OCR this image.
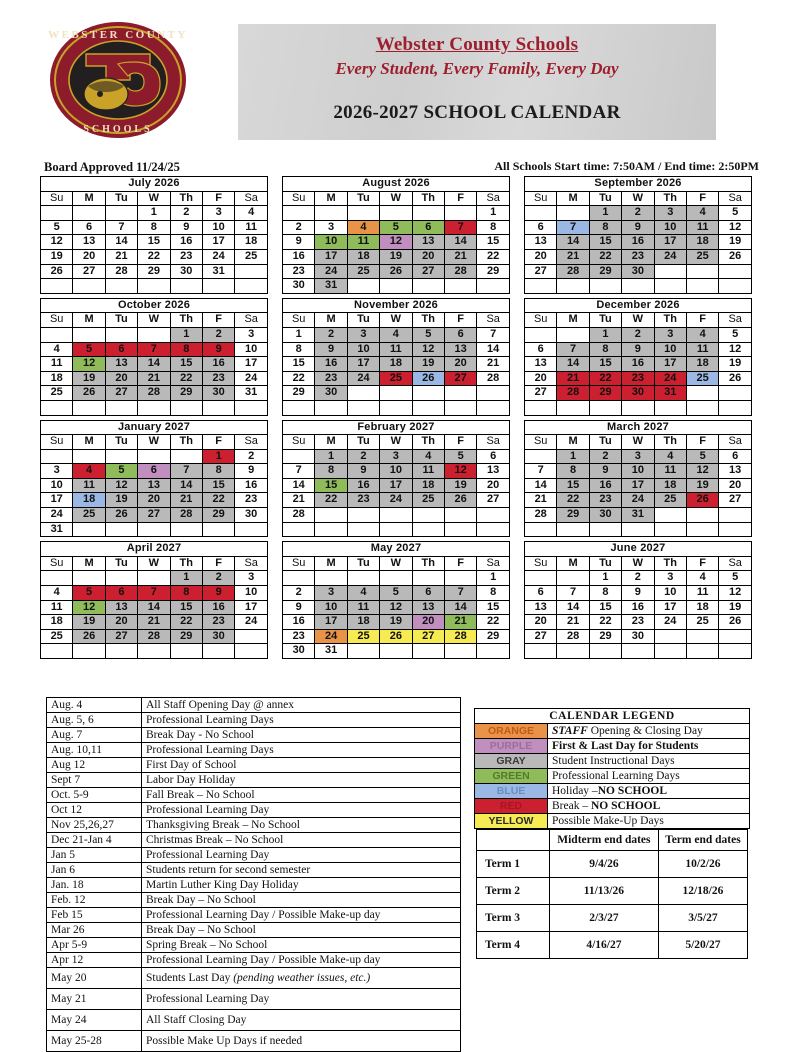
WEBSTER COUNTY
SCHOOLS
Webster County Schools
Every Student, Every Family, Every Day
2026-2027 SCHOOL CALENDAR
Board Approved 11/24/25	All Schools Start time: 7:50AM / End time: 2:50PM
July 2026						
Su	M	Tu	W	Th	F	Sa
			1	2	3	4
5	6	7	8	9	10	11
12	13	14	15	16	17	18
19	20	21	22	23	24	25
26	27	28	29	30	31	

August 2026						
Su	M	Tu	W	Th	F	Sa
						1
2	3	4	5	6	7	8
9	10	11	12	13	14	15
16	17	18	19	20	21	22
23	24	25	26	27	28	29
30	31					
September 2026						
Su	M	Tu	W	Th	F	Sa
		1	2	3	4	5
6	7	8	9	10	11	12
13	14	15	16	17	18	19
20	21	22	23	24	25	26
27	28	29	30			

October 2026						
Su	M	Tu	W	Th	F	Sa
				1	2	3
4	5	6	7	8	9	10
11	12	13	14	15	16	17
18	19	20	21	22	23	24
25	26	27	28	29	30	31

November 2026						
Su	M	Tu	W	Th	F	Sa
1	2	3	4	5	6	7
8	9	10	11	12	13	14
15	16	17	18	19	20	21
22	23	24	25	26	27	28
29	30					

December 2026						
Su	M	Tu	W	Th	F	Sa
		1	2	3	4	5
6	7	8	9	10	11	12
13	14	15	16	17	18	19
20	21	22	23	24	25	26
27	28	29	30	31		

January 2027						
Su	M	Tu	W	Th	F	Sa
					1	2
3	4	5	6	7	8	9
10	11	12	13	14	15	16
17	18	19	20	21	22	23
24	25	26	27	28	29	30
31						
February 2027						
Su	M	Tu	W	Th	F	Sa
	1	2	3	4	5	6
7	8	9	10	11	12	13
14	15	16	17	18	19	20
21	22	23	24	25	26	27
28						

March 2027						
Su	M	Tu	W	Th	F	Sa
	1	2	3	4	5	6
7	8	9	10	11	12	13
14	15	16	17	18	19	20
21	22	23	24	25	26	27
28	29	30	31			

April 2027						
Su	M	Tu	W	Th	F	Sa
				1	2	3
4	5	6	7	8	9	10
11	12	13	14	15	16	17
18	19	20	21	22	23	24
25	26	27	28	29	30	

May 2027						
Su	M	Tu	W	Th	F	Sa
						1
2	3	4	5	6	7	8
9	10	11	12	13	14	15
16	17	18	19	20	21	22
23	24	25	26	27	28	29
30	31					
June 2027						
Su	M	Tu	W	Th	F	Sa
		1	2	3	4	5
6	7	8	9	10	11	12
13	14	15	16	17	18	19
20	21	22	23	24	25	26
27	28	29	30			

Aug. 4	All Staff Opening Day @ annex
Aug. 5, 6	Professional Learning Days
Aug. 7	Break Day - No School
Aug. 10,11	Professional Learning Days
Aug 12	First Day of School
Sept 7	Labor Day Holiday
Oct. 5-9	Fall Break – No School
Oct 12	Professional Learning Day
Nov 25,26,27	Thanksgiving Break – No School
Dec 21-Jan 4	Christmas Break – No School
Jan 5	Professional Learning Day
Jan 6	Students return for second semester
Jan. 18	Martin Luther King Day Holiday
Feb. 12	Break Day – No School
Feb 15	Professional Learning Day / Possible Make-up day
Mar 26	Break Day – No School
Apr 5-9	Spring Break – No School
Apr 12	Professional Learning Day / Possible Make-up day
May 20	Students Last Day (pending weather issues, etc.)
May 21	Professional Learning Day
May 24	All Staff Closing Day
May 25-28	Possible Make Up Days if needed
CALENDAR LEGEND	
ORANGE	STAFF Opening & Closing Day
PURPLE	First & Last Day for Students
GRAY	Student Instructional Days
GREEN	Professional Learning Days
BLUE	Holiday –NO SCHOOL
RED	Break – NO SCHOOL
YELLOW	Possible Make-Up Days
	Midterm end dates	Term end dates
Term 1	9/4/26	10/2/26
Term 2	11/13/26	12/18/26
Term 3	2/3/27	3/5/27
Term 4	4/16/27	5/20/27
